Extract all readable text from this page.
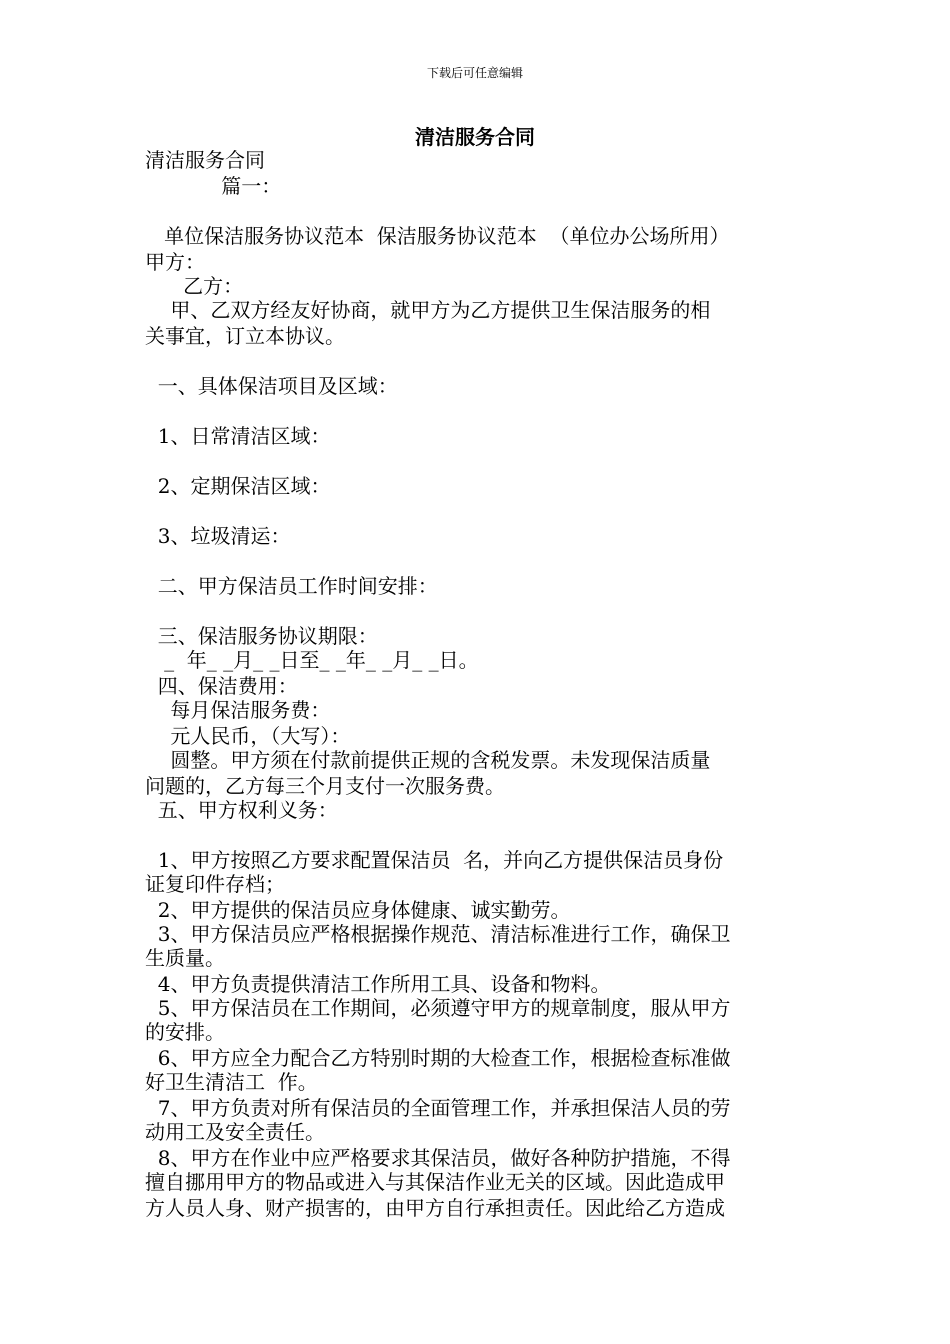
下载后可任意编辑
清洁服务合同
清洁服务合同
篇一：
单位保洁服务协议范本  保洁服务协议范本  （单位办公场所用）
甲方：
乙方：
甲、乙双方经友好协商，就甲方为乙方提供卫生保洁服务的相
关事宜，订立本协议。
一、具体保洁项目及区域：
1、日常清洁区域：
2、定期保洁区域：
3、垃圾清运：
二、甲方保洁员工作时间安排：
三、保洁服务协议期限：
_  年_ _月_ _日至_ _年_ _月_ _日。
四、保洁费用：
每月保洁服务费：
元人民币，（大写）：
圆整。甲方须在付款前提供正规的含税发票。未发现保洁质量
问题的，乙方每三个月支付一次服务费。
五、甲方权利义务：
1、甲方按照乙方要求配置保洁员  名，并向乙方提供保洁员身份
证复印件存档；
2、甲方提供的保洁员应身体健康、诚实勤劳。
3、甲方保洁员应严格根据操作规范、清洁标准进行工作，确保卫
生质量。
4、甲方负责提供清洁工作所用工具、设备和物料。
5、甲方保洁员在工作期间，必须遵守甲方的规章制度，服从甲方
的安排。
6、甲方应全力配合乙方特别时期的大检查工作，根据检查标准做
好卫生清洁工  作。
7、甲方负责对所有保洁员的全面管理工作，并承担保洁人员的劳
动用工及安全责任。
8、甲方在作业中应严格要求其保洁员，做好各种防护措施，不得
擅自挪用甲方的物品或进入与其保洁作业无关的区域。因此造成甲
方人员人身、财产损害的，由甲方自行承担责任。因此给乙方造成
